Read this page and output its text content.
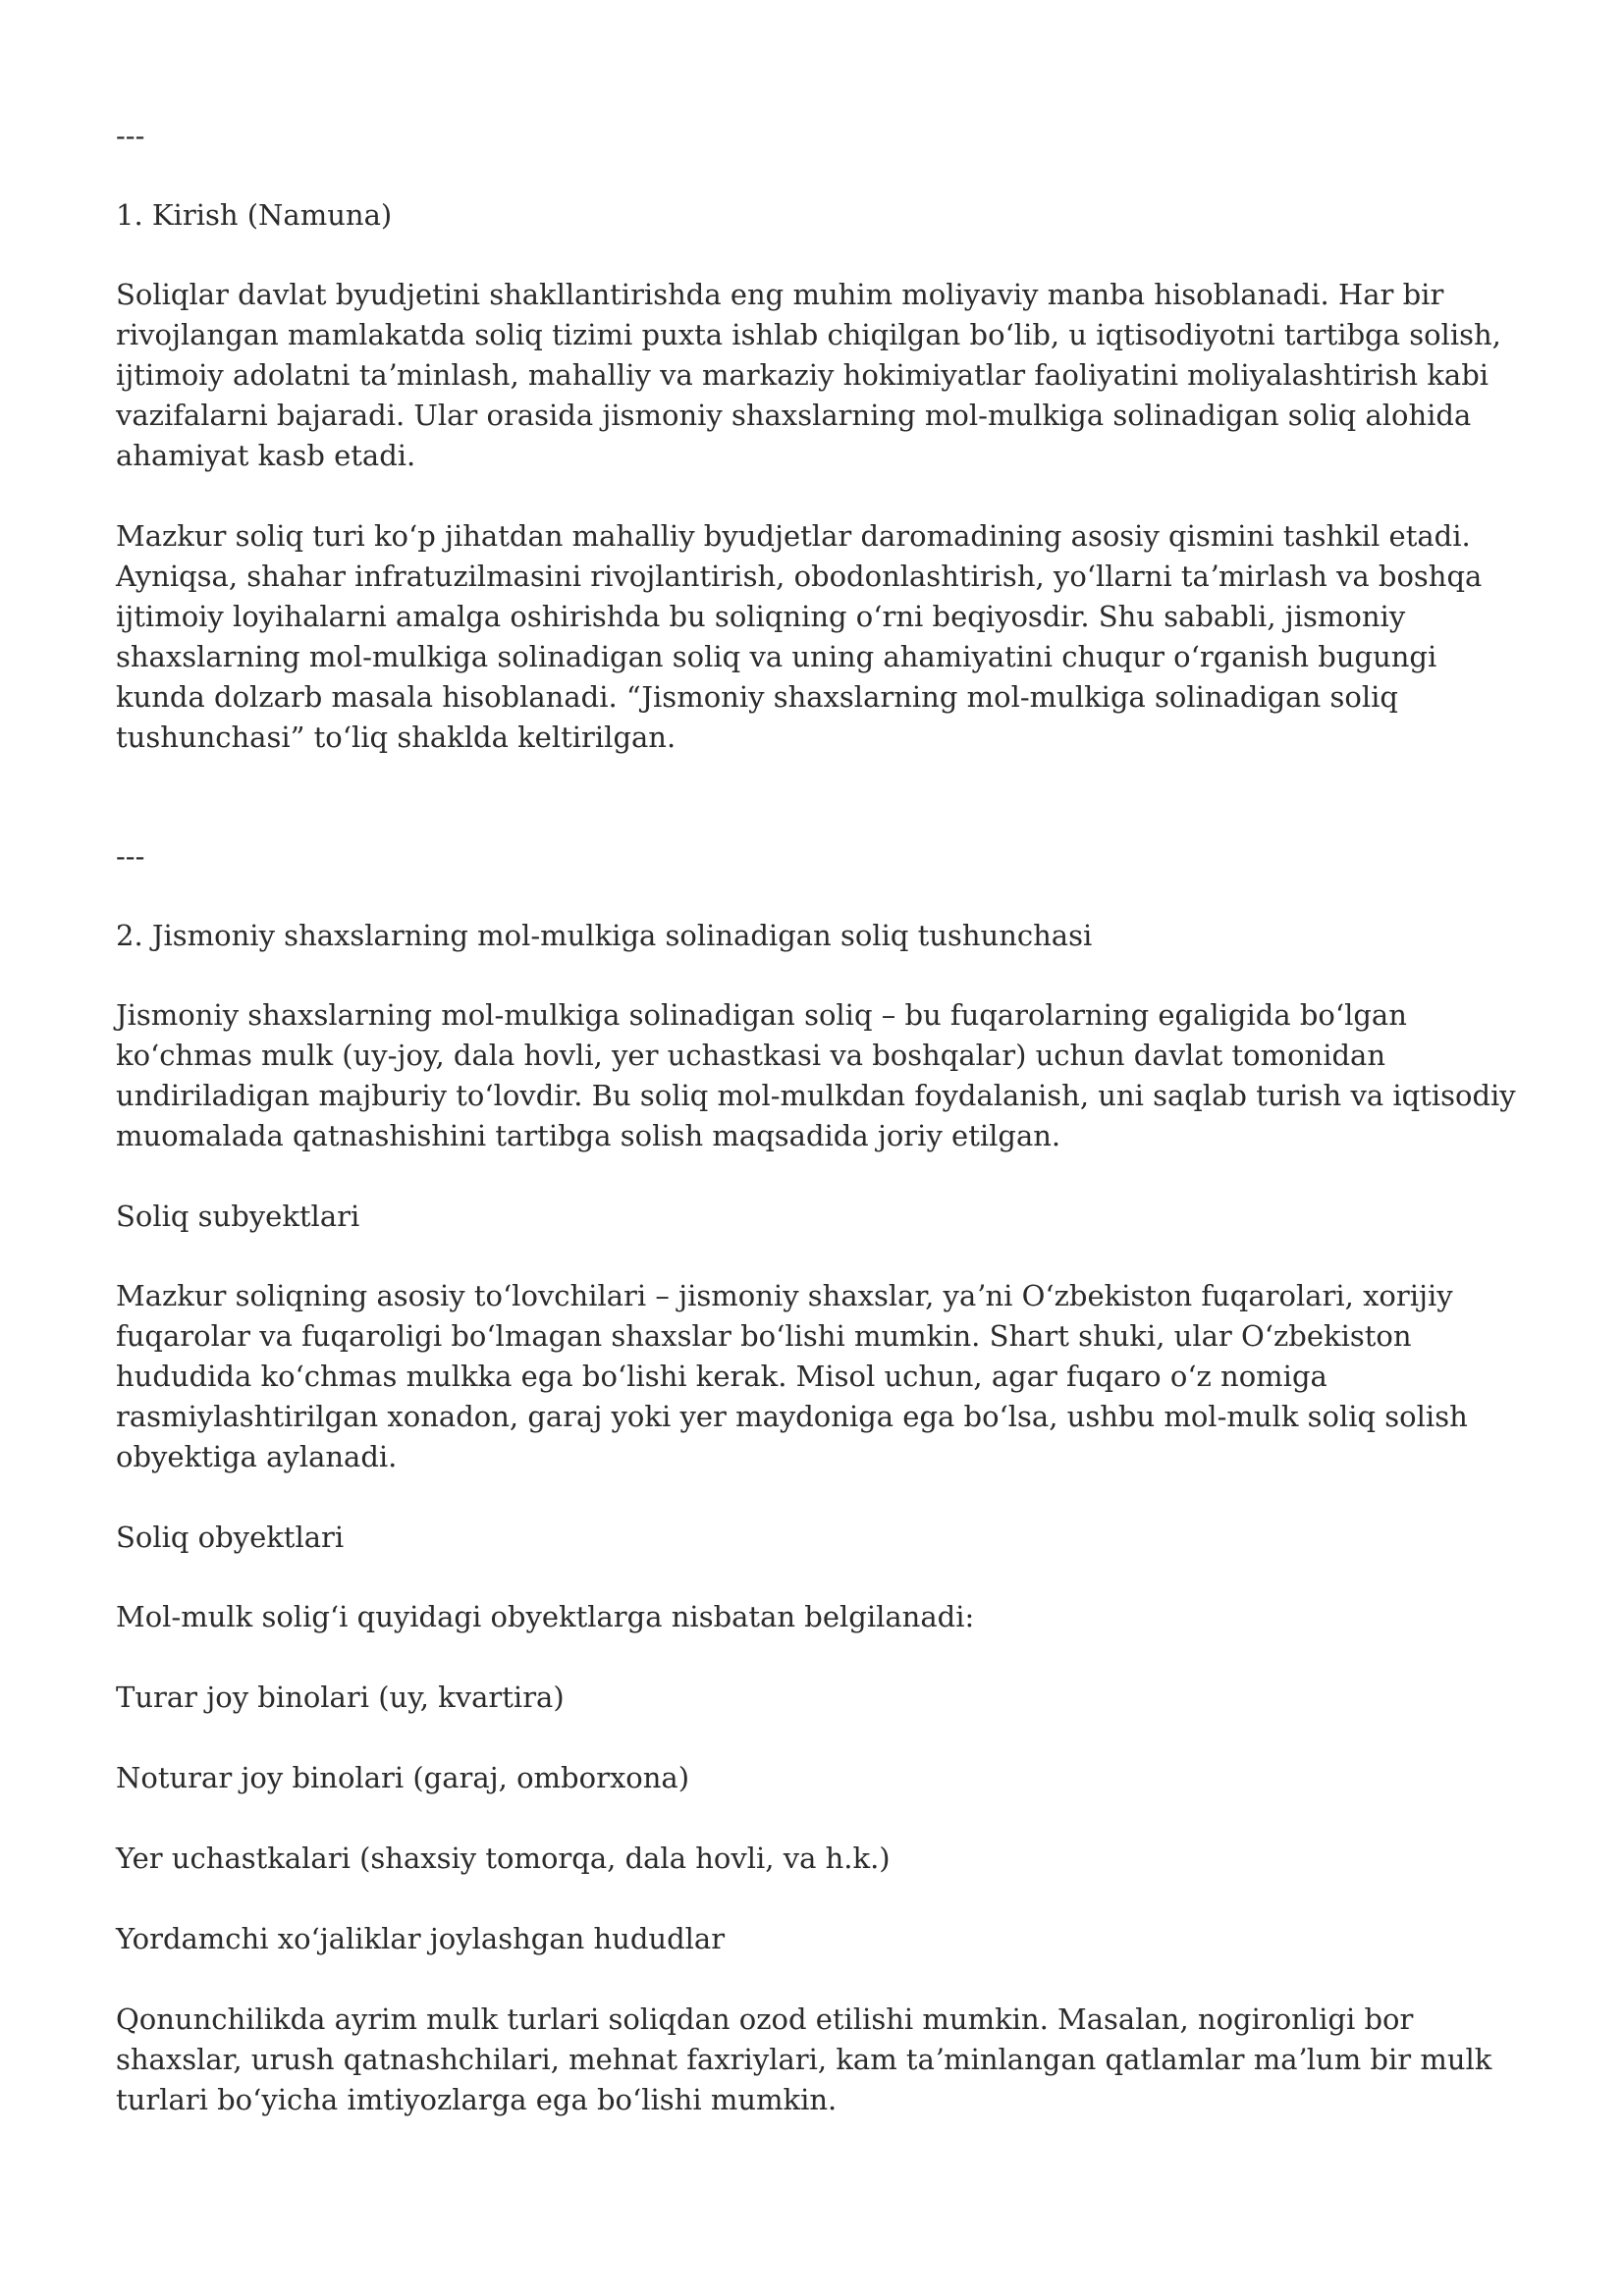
---

1. Kirish (Namuna)

Soliqlar davlat byudjetini shakllantirishda eng muhim moliyaviy manba hisoblanadi. Har bir rivojlangan mamlakatda soliq tizimi puxta ishlab chiqilgan boʻlib, u iqtisodiyotni tartibga solish, ijtimoiy adolatni taʼminlash, mahalliy va markaziy hokimiyatlar faoliyatini moliyalashtirish kabi vazifalarni bajaradi. Ular orasida jismoniy shaxslarning mol-mulkiga solinadigan soliq alohida ahamiyat kasb etadi.

Mazkur soliq turi koʻp jihatdan mahalliy byudjetlar daromadining asosiy qismini tashkil etadi. Ayniqsa, shahar infratuzilmasini rivojlantirish, obodonlashtirish, yoʻllarni taʼmirlash va boshqa ijtimoiy loyihalarni amalga oshirishda bu soliqning oʻrni beqiyosdir. Shu sababli, jismoniy shaxslarning mol-mulkiga solinadigan soliq va uning ahamiyatini chuqur oʻrganish bugungi kunda dolzarb masala hisoblanadi. “Jismoniy shaxslarning mol-mulkiga solinadigan soliq tushunchasi” toʻliq shaklda keltirilgan.

---

2. Jismoniy shaxslarning mol-mulkiga solinadigan soliq tushunchasi

Jismoniy shaxslarning mol-mulkiga solinadigan soliq – bu fuqarolarning egaligida boʻlgan koʻchmas mulk (uy-joy, dala hovli, yer uchastkasi va boshqalar) uchun davlat tomonidan undiriladigan majburiy toʻlovdir. Bu soliq mol-mulkdan foydalanish, uni saqlab turish va iqtisodiy muomalada qatnashishini tartibga solish maqsadida joriy etilgan.

Soliq subyektlari

Mazkur soliqning asosiy toʻlovchilari – jismoniy shaxslar, yaʼni Oʻzbekiston fuqarolari, xorijiy fuqarolar va fuqaroligi boʻlmagan shaxslar boʻlishi mumkin. Shart shuki, ular Oʻzbekiston hududida koʻchmas mulkka ega boʻlishi kerak. Misol uchun, agar fuqaro oʻz nomiga rasmiylashtirilgan xonadon, garaj yoki yer maydoniga ega boʻlsa, ushbu mol-mulk soliq solish obyektiga aylanadi.

Soliq obyektlari

Mol-mulk soligʻi quyidagi obyektlarga nisbatan belgilanadi:

Turar joy binolari (uy, kvartira)

Noturar joy binolari (garaj, omborxona)

Yer uchastkalari (shaxsiy tomorqa, dala hovli, va h.k.)

Yordamchi xoʻjaliklar joylashgan hududlar

Qonunchilikda ayrim mulk turlari soliqdan ozod etilishi mumkin. Masalan, nogironligi bor shaxslar, urush qatnashchilari, mehnat faxriylari, kam taʼminlangan qatlamlar maʼlum bir mulk turlari boʻyicha imtiyozlarga ega boʻlishi mumkin.
